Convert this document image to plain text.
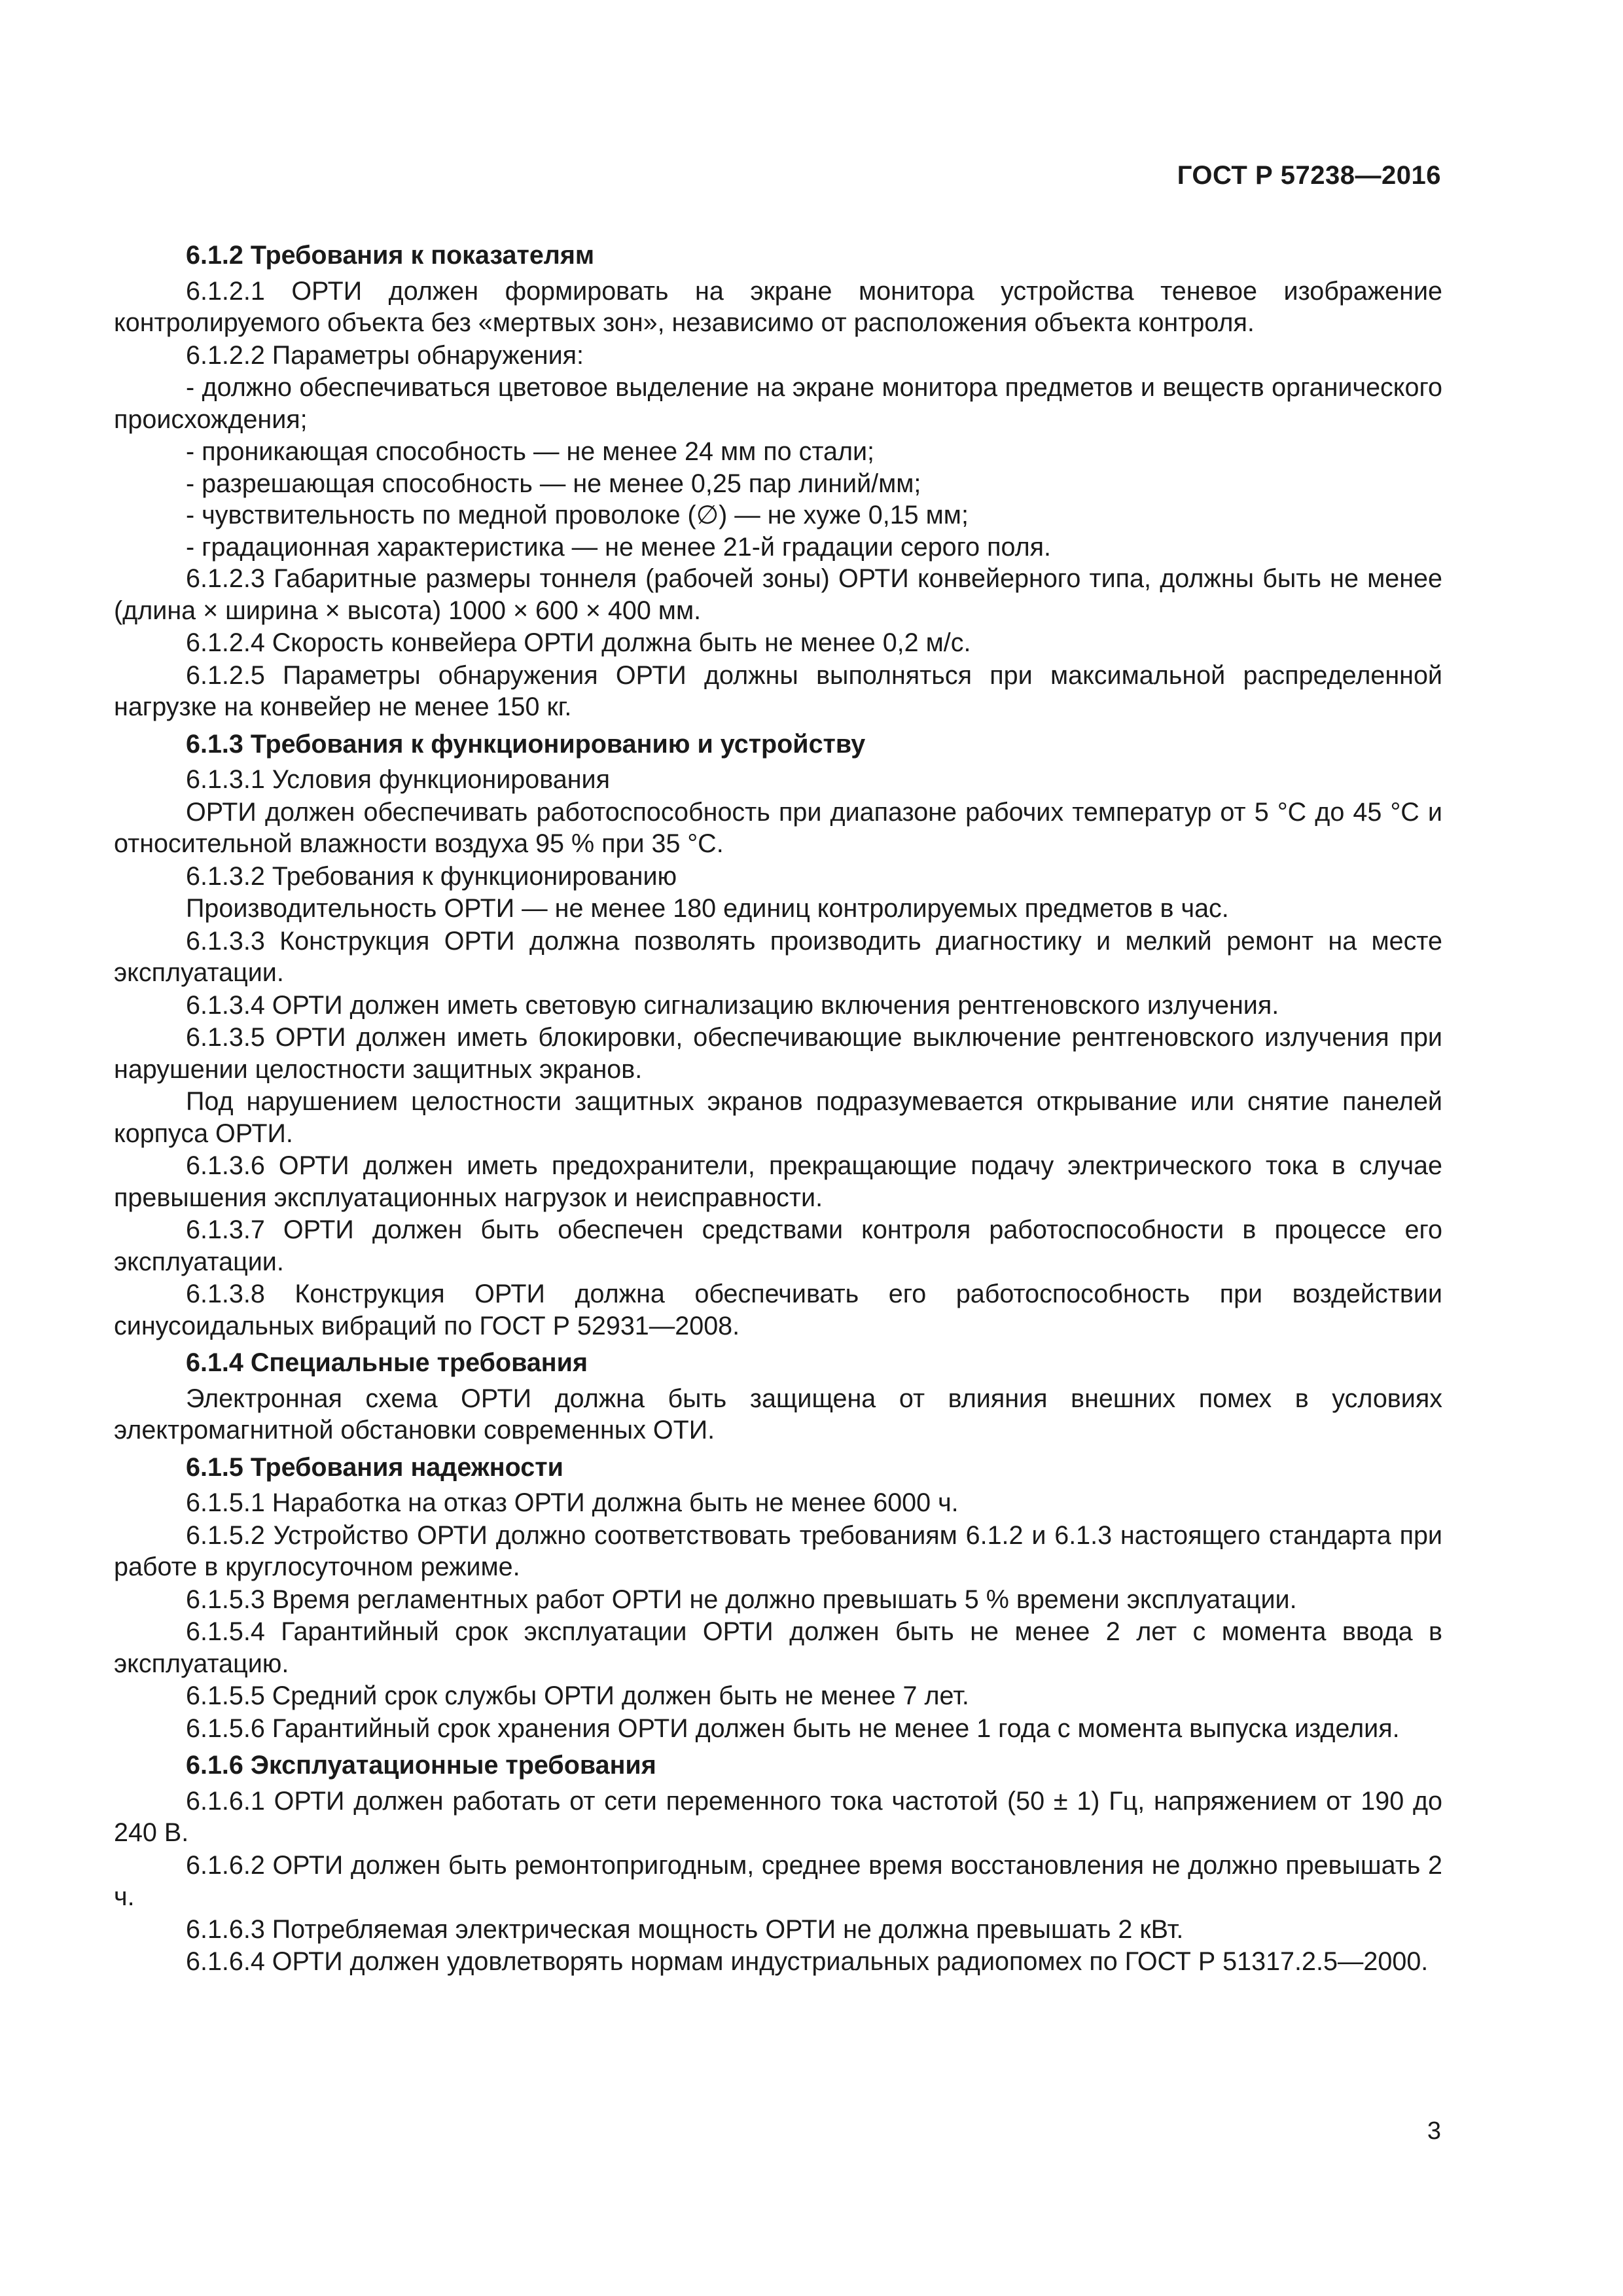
ГОСТ Р 57238—2016
6.1.2 Требования к показателям
6.1.2.1 ОРТИ должен формировать на экране монитора устройства теневое изображение контролируемого объекта без «мертвых зон», независимо от расположения объекта контроля.
6.1.2.2 Параметры обнаружения:
- должно обеспечиваться цветовое выделение на экране монитора предметов и веществ органического происхождения;
- проникающая способность — не менее 24 мм по стали;
- разрешающая способность — не менее 0,25 пар линий/мм;
- чувствительность по медной проволоке (∅) — не хуже 0,15 мм;
- градационная характеристика — не менее 21-й градации серого поля.
6.1.2.3 Габаритные размеры тоннеля (рабочей зоны) ОРТИ конвейерного типа, должны быть не менее (длина × ширина × высота) 1000 × 600 × 400 мм.
6.1.2.4 Скорость конвейера ОРТИ должна быть не менее 0,2 м/с.
6.1.2.5 Параметры обнаружения ОРТИ должны выполняться при максимальной распределенной нагрузке на конвейер не менее 150 кг.
6.1.3 Требования к функционированию и устройству
6.1.3.1 Условия функционирования
ОРТИ должен обеспечивать работоспособность при диапазоне рабочих температур от 5 °С до 45 °С и относительной влажности воздуха 95 % при 35 °С.
6.1.3.2 Требования к функционированию
Производительность ОРТИ — не менее 180 единиц контролируемых предметов в час.
6.1.3.3 Конструкция ОРТИ должна позволять производить диагностику и мелкий ремонт на месте эксплуатации.
6.1.3.4 ОРТИ должен иметь световую сигнализацию включения рентгеновского излучения.
6.1.3.5 ОРТИ должен иметь блокировки, обеспечивающие выключение рентгеновского излучения при нарушении целостности защитных экранов.
Под нарушением целостности защитных экранов подразумевается открывание или снятие панелей корпуса ОРТИ.
6.1.3.6 ОРТИ должен иметь предохранители, прекращающие подачу электрического тока в случае превышения эксплуатационных нагрузок и неисправности.
6.1.3.7 ОРТИ должен быть обеспечен средствами контроля работоспособности в процессе его эксплуатации.
6.1.3.8 Конструкция ОРТИ должна обеспечивать его работоспособность при воздействии синусоидальных вибраций по ГОСТ Р 52931—2008.
6.1.4 Специальные требования
Электронная схема ОРТИ должна быть защищена от влияния внешних помех в условиях электромагнитной обстановки современных ОТИ.
6.1.5 Требования надежности
6.1.5.1 Наработка на отказ ОРТИ должна быть не менее 6000 ч.
6.1.5.2 Устройство ОРТИ должно соответствовать требованиям 6.1.2 и 6.1.3 настоящего стандарта при работе в круглосуточном режиме.
6.1.5.3 Время регламентных работ ОРТИ не должно превышать 5 % времени эксплуатации.
6.1.5.4 Гарантийный срок эксплуатации ОРТИ должен быть не менее 2 лет с момента ввода в эксплуатацию.
6.1.5.5 Средний срок службы ОРТИ должен быть не менее 7 лет.
6.1.5.6 Гарантийный срок хранения ОРТИ должен быть не менее 1 года с момента выпуска изделия.
6.1.6 Эксплуатационные требования
6.1.6.1 ОРТИ должен работать от сети переменного тока частотой (50 ± 1) Гц, напряжением от 190 до 240 В.
6.1.6.2 ОРТИ должен быть ремонтопригодным, среднее время восстановления не должно превышать 2 ч.
6.1.6.3 Потребляемая электрическая мощность ОРТИ не должна превышать 2 кВт.
6.1.6.4 ОРТИ должен удовлетворять нормам индустриальных радиопомех по ГОСТ Р 51317.2.5—2000.
3
